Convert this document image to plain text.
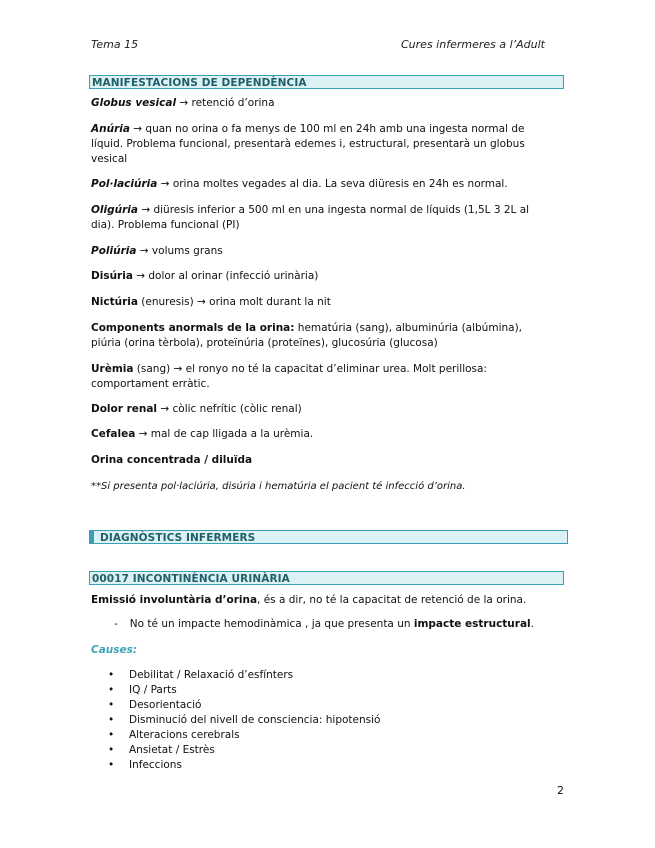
Tema 15	Cures infermeres a l’Adult
MANIFESTACIONS DE DEPENDÈNCIA
Globus vesical → retenció d’orina
Anúria → quan no orina o fa menys de 100 ml en 24h amb una ingesta normal de líquid. Problema funcional, presentarà edemes i, estructural, presentarà un globus vesical
Pol·laciúria → orina moltes vegades al dia. La seva diüresis en 24h es normal.
Oligúria → diüresis inferior a 500 ml en una ingesta normal de líquids (1,5L 3 2L al dia). Problema funcional (PI)
Poliúria → volums grans
Disúria → dolor al orinar (infecció urinària)
Nictúria (enuresis) → orina molt durant la nit
Components anormals de la orina: hematúria (sang), albuminúria (albúmina), piúria (orina tèrbola), proteïnúria (proteïnes), glucosúria (glucosa)
Urèmia (sang) → el ronyo no té la capacitat d’eliminar urea. Molt perillosa: comportament erràtic.
Dolor renal → còlic nefrític (còlic renal)
Cefalea → mal de cap lligada a la urèmia.
Orina concentrada / diluïda
**Si presenta pol·laciúria, disúria i hematúria el pacient té infecció d’orina.
DIAGNÒSTICS INFERMERS
00017 INCONTINÈNCIA URINÀRIA
Emissió involuntària d’orina, és a dir, no té la capacitat de retenció de la orina.
- No té un impacte hemodinàmica , ja que presenta un impacte estructural.
Causes:
• Debilitat / Relaxació d’esfínters
• IQ / Parts
• Desorientació
• Disminució del nivell de consciencia: hipotensió
• Alteracions cerebrals
• Ansietat / Estrès
• Infeccions
2
